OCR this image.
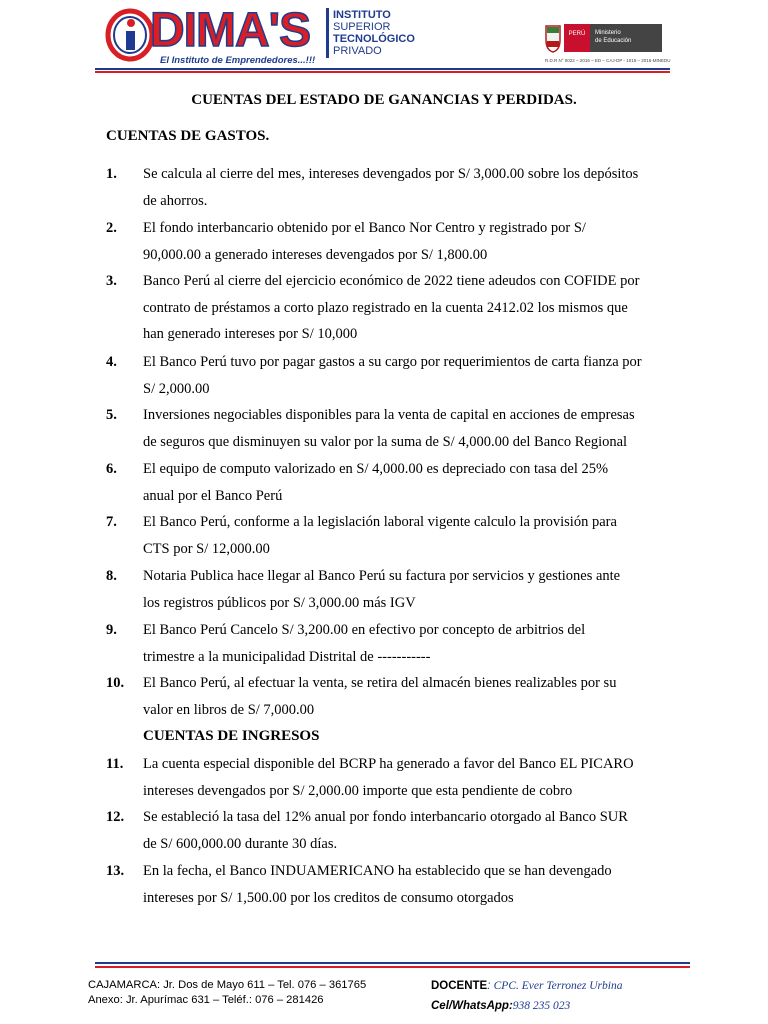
DIMA'S
El Instituto de Emprendedores...!!!
INSTITUTO
SUPERIOR
TECNOLÓGICO
PRIVADO
PERÚ Ministerio
de Educación
R.D.R N° 0022 – 2016 – ED – CAJ-DP - 1015 – 2016-MINEDU
CUENTAS DEL ESTADO DE GANANCIAS Y PERDIDAS.
CUENTAS DE GASTOS.
1. Se calcula al cierre del mes, intereses devengados por S/ 3,000.00 sobre los depósitos
de ahorros.
2. El fondo interbancario obtenido por el Banco Nor Centro y registrado por S/
90,000.00 a generado intereses devengados por S/ 1,800.00
3. Banco Perú al cierre del ejercicio económico de 2022 tiene adeudos con COFIDE por
contrato de préstamos a corto plazo registrado en la cuenta 2412.02 los mismos que
han generado intereses por S/ 10,000
4. El Banco Perú tuvo por pagar gastos a su cargo por requerimientos de carta fianza por
S/ 2,000.00
5. Inversiones negociables disponibles para la venta de capital en acciones de empresas
de seguros que disminuyen su valor por la suma de S/ 4,000.00 del Banco Regional
6. El equipo de computo valorizado en S/ 4,000.00 es depreciado con tasa del 25%
anual por el Banco Perú
7. El Banco Perú, conforme a la legislación laboral vigente calculo la provisión para
CTS por S/ 12,000.00
8. Notaria Publica hace llegar al Banco Perú su factura por servicios y gestiones ante
los registros públicos por S/ 3,000.00 más IGV
9. El Banco Perú Cancelo S/ 3,200.00 en efectivo por concepto de arbitrios del
trimestre a la municipalidad Distrital de -----------
10. El Banco Perú, al efectuar la venta, se retira del almacén bienes realizables por su
valor en libros de S/ 7,000.00
CUENTAS DE INGRESOS
11. La cuenta especial disponible del BCRP ha generado a favor del Banco EL PICARO
intereses devengados por S/ 2,000.00 importe que esta pendiente de cobro
12. Se estableció la tasa del 12% anual por fondo interbancario otorgado al Banco SUR
de S/ 600,000.00 durante 30 días.
13. En la fecha, el Banco INDUAMERICANO ha establecido que se han devengado
intereses por S/ 1,500.00 por los creditos de consumo otorgados
CAJAMARCA: Jr. Dos de Mayo 611 – Tel. 076 – 361765
Anexo: Jr. Apurímac 631 – Teléf.: 076 – 281426
DOCENTE: CPC. Ever Terronez Urbina
Cel/WhatsApp:938 235 023
